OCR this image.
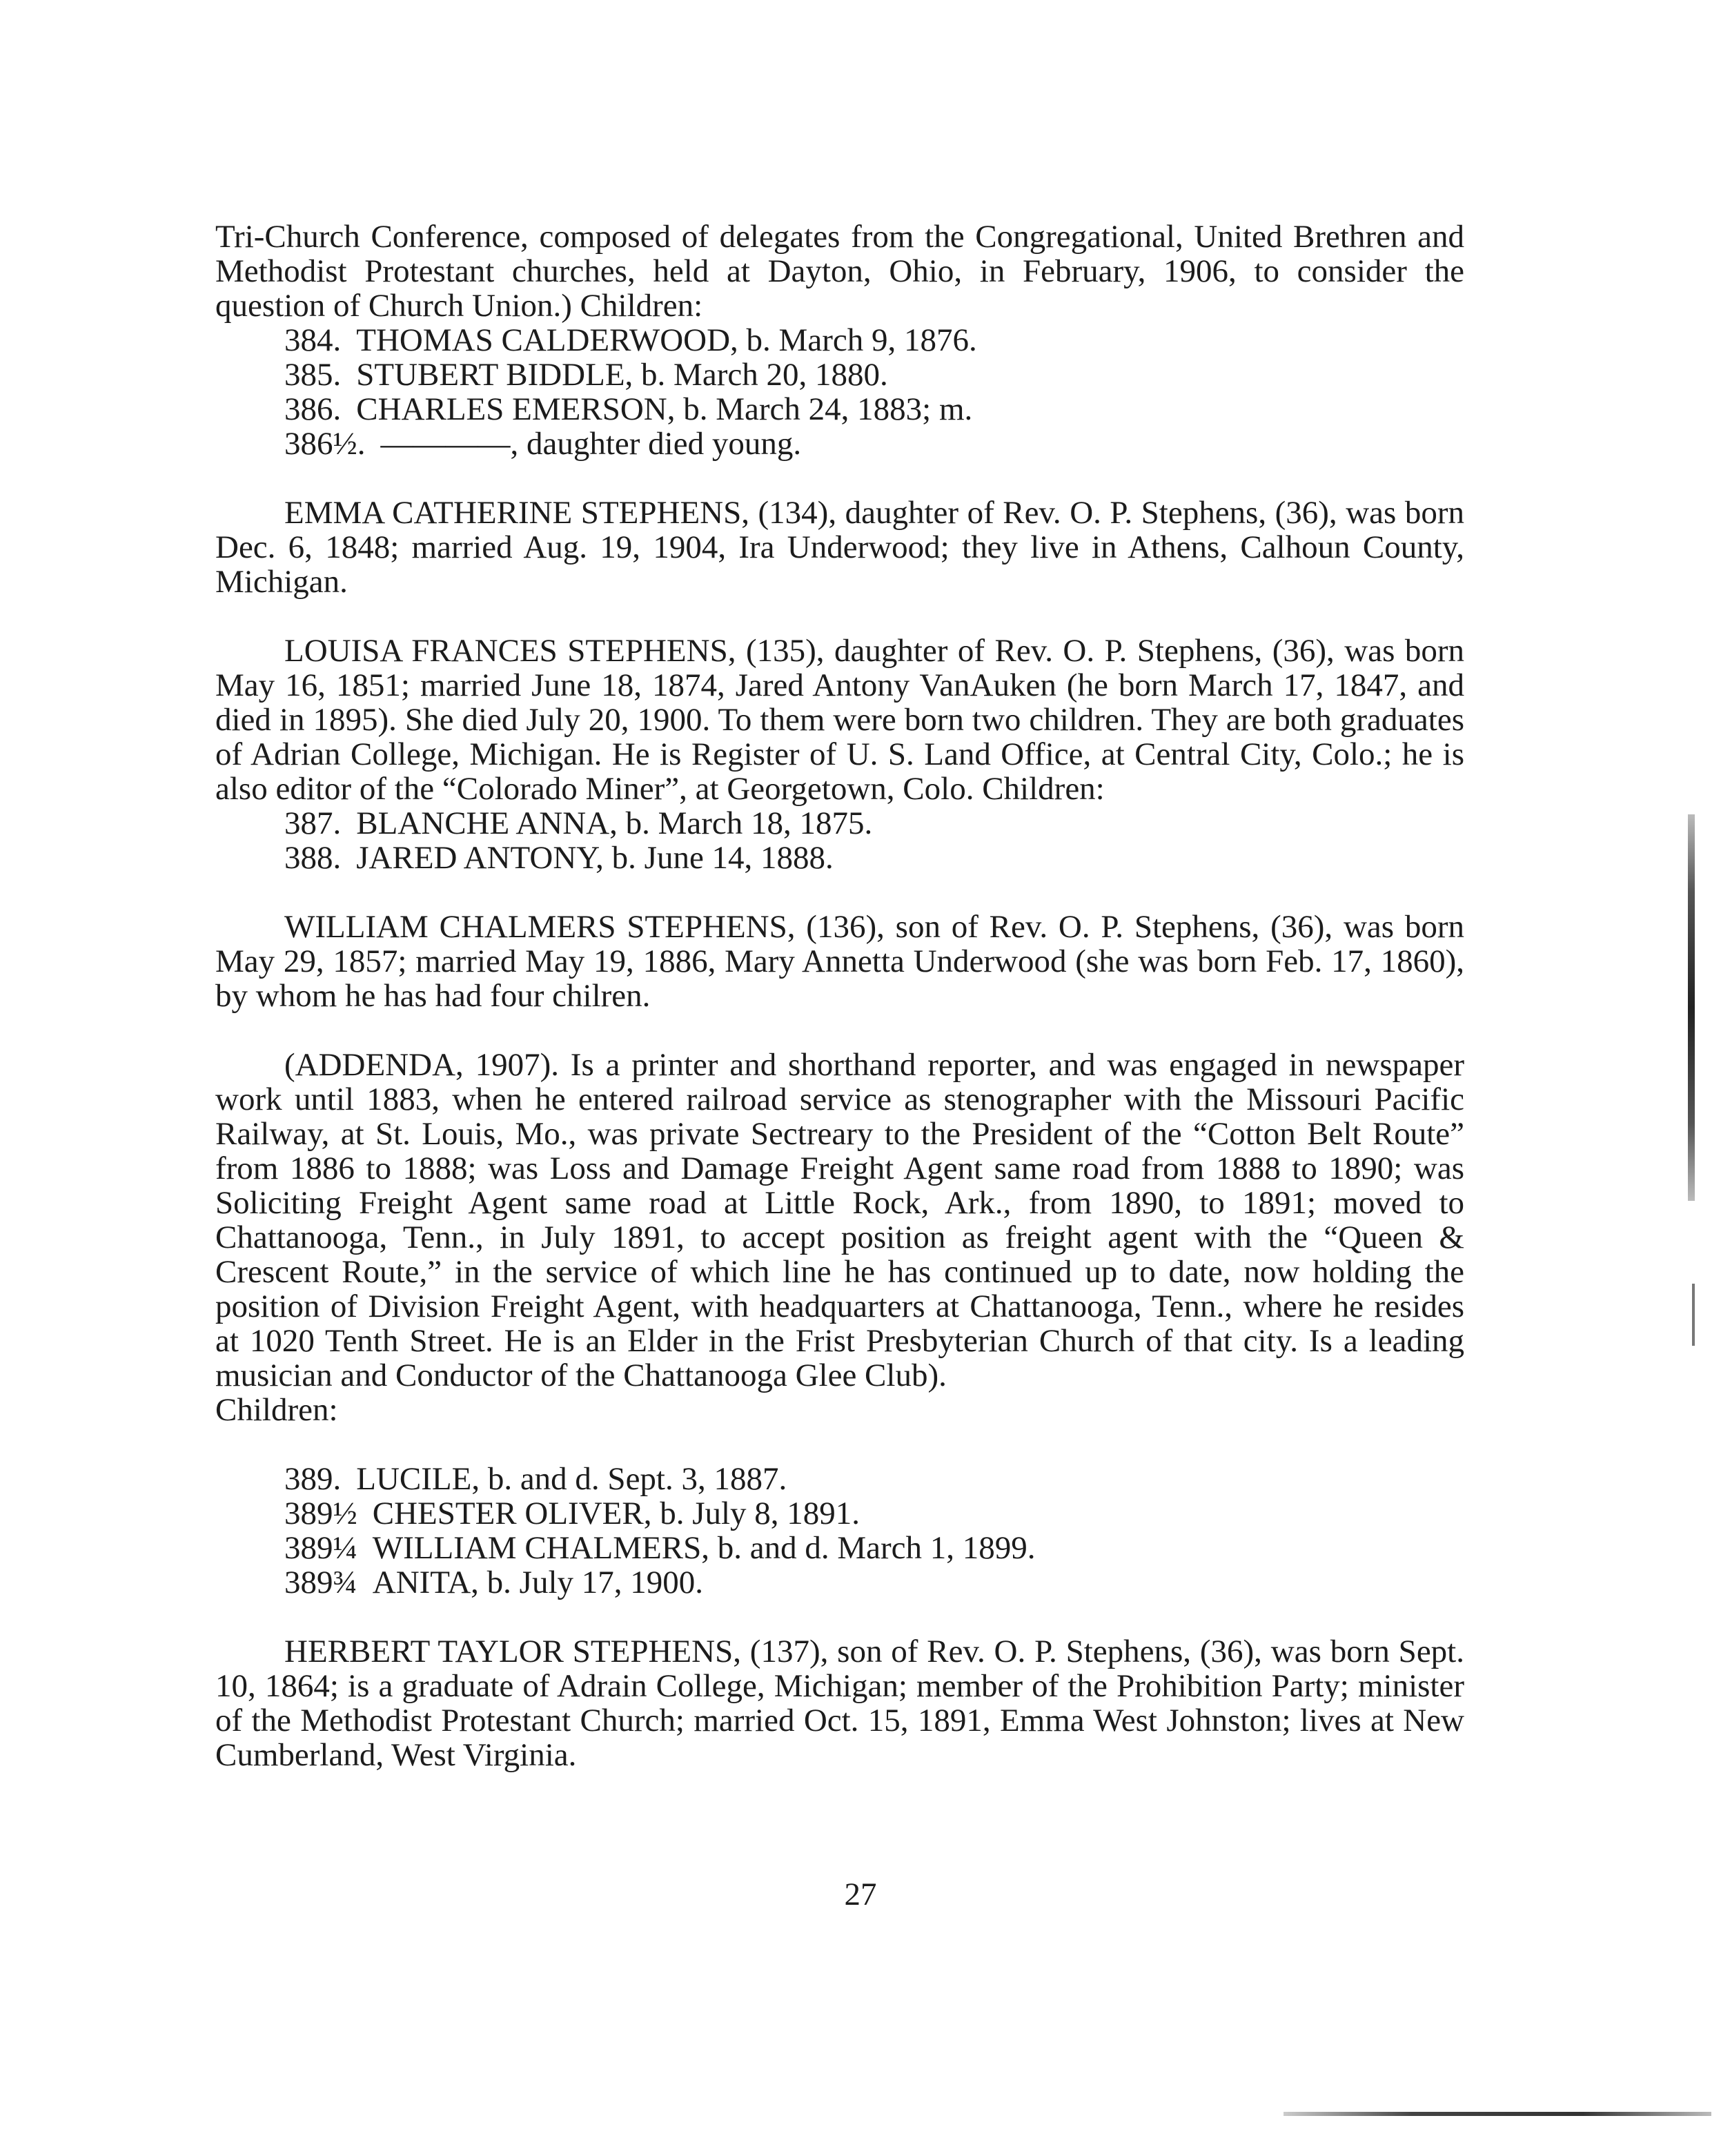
Tri-Church Conference, composed of delegates from the Congregational, United Brethren and Methodist Protestant churches, held at Dayton, Ohio, in February, 1906, to consider the question of Church Union.) Children:

384. THOMAS CALDERWOOD, b. March 9, 1876.
385. STUBERT BIDDLE, b. March 20, 1880.
386. CHARLES EMERSON, b. March 24, 1883; m.
386½. ————, daughter died young.

EMMA CATHERINE STEPHENS, (134), daughter of Rev. O. P. Stephens, (36), was born Dec. 6, 1848; married Aug. 19, 1904, Ira Underwood; they live in Athens, Calhoun County, Michigan.

LOUISA FRANCES STEPHENS, (135), daughter of Rev. O. P. Stephens, (36), was born May 16, 1851; married June 18, 1874, Jared Antony VanAuken (he born March 17, 1847, and died in 1895). She died July 20, 1900. To them were born two children. They are both graduates of Adrian College, Michigan. He is Register of U. S. Land Office, at Central City, Colo.; he is also editor of the “Colorado Miner”, at Georgetown, Colo. Children:

387. BLANCHE ANNA, b. March 18, 1875.
388. JARED ANTONY, b. June 14, 1888.

WILLIAM CHALMERS STEPHENS, (136), son of Rev. O. P. Stephens, (36), was born May 29, 1857; married May 19, 1886, Mary Annetta Underwood (she was born Feb. 17, 1860), by whom he has had four chilren.

(ADDENDA, 1907). Is a printer and shorthand reporter, and was engaged in newspaper work until 1883, when he entered railroad service as stenographer with the Missouri Pacific Railway, at St. Louis, Mo., was private Sectreary to the President of the “Cotton Belt Route” from 1886 to 1888; was Loss and Damage Freight Agent same road from 1888 to 1890; was Soliciting Freight Agent same road at Little Rock, Ark., from 1890, to 1891; moved to Chattanooga, Tenn., in July 1891, to accept position as freight agent with the “Queen & Crescent Route,” in the service of which line he has continued up to date, now holding the position of Division Freight Agent, with headquarters at Chattanooga, Tenn., where he resides at 1020 Tenth Street. He is an Elder in the Frist Presbyterian Church of that city. Is a leading musician and Conductor of the Chattanooga Glee Club).

Children:

389. LUCILE, b. and d. Sept. 3, 1887.
389½ CHESTER OLIVER, b. July 8, 1891.
389¼ WILLIAM CHALMERS, b. and d. March 1, 1899.
389¾ ANITA, b. July 17, 1900.

HERBERT TAYLOR STEPHENS, (137), son of Rev. O. P. Stephens, (36), was born Sept. 10, 1864; is a graduate of Adrain College, Michigan; member of the Prohibition Party; minister of the Methodist Protestant Church; married Oct. 15, 1891, Emma West Johnston; lives at New Cumberland, West Virginia.

27
